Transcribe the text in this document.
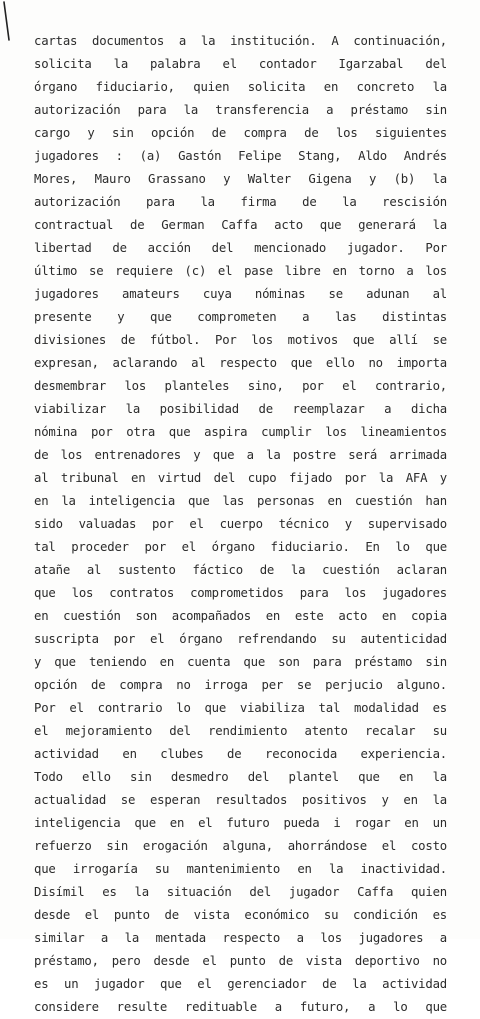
cartas documentos a la institución. A continuación,
solicita la palabra el contador Igarzabal del
órgano fiduciario, quien solicita en concreto la
autorización para la transferencia a préstamo sin
cargo y sin opción de compra de los siguientes
jugadores : (a) Gastón Felipe Stang, Aldo Andrés
Mores, Mauro Grassano y Walter Gigena y (b) la
autorización para la firma de la rescisión
contractual de German Caffa acto que generará la
libertad de acción del mencionado jugador. Por
último se requiere (c) el pase libre en torno a los
jugadores amateurs cuya nóminas se adunan al
presente y que comprometen a las distintas
divisiones de fútbol. Por los motivos que allí se
expresan, aclarando al respecto que ello no importa
desmembrar los planteles sino, por el contrario,
viabilizar la posibilidad de reemplazar a dicha
nómina por otra que aspira cumplir los lineamientos
de los entrenadores y que a la postre será arrimada
al tribunal en virtud del cupo fijado por la AFA y
en la inteligencia que las personas en cuestión han
sido valuadas por el cuerpo técnico y supervisado
tal proceder por el órgano fiduciario. En lo que
atañe al sustento fáctico de la cuestión aclaran
que los contratos comprometidos para los jugadores
en cuestión son acompañados en este acto en copia
suscripta por el órgano refrendando su autenticidad
y que teniendo en cuenta que son para préstamo sin
opción de compra no irroga per se perjucio alguno.
Por el contrario lo que viabiliza tal modalidad es
el mejoramiento del rendimiento atento recalar su
actividad en clubes de reconocida experiencia.
Todo ello sin desmedro del plantel que en la
actualidad se esperan resultados positivos y en la
inteligencia que en el futuro pueda i rogar en un
refuerzo sin erogación alguna, ahorrándose el costo
que irrogaría su mantenimiento en la inactividad.
Disímil es la situación del jugador Caffa quien
desde el punto de vista económico su condición es
similar a la mentada respecto a los jugadores a
préstamo, pero desde el punto de vista deportivo no
es un jugador que el gerenciador de la actividad
considere resulte redituable a futuro, a lo que
